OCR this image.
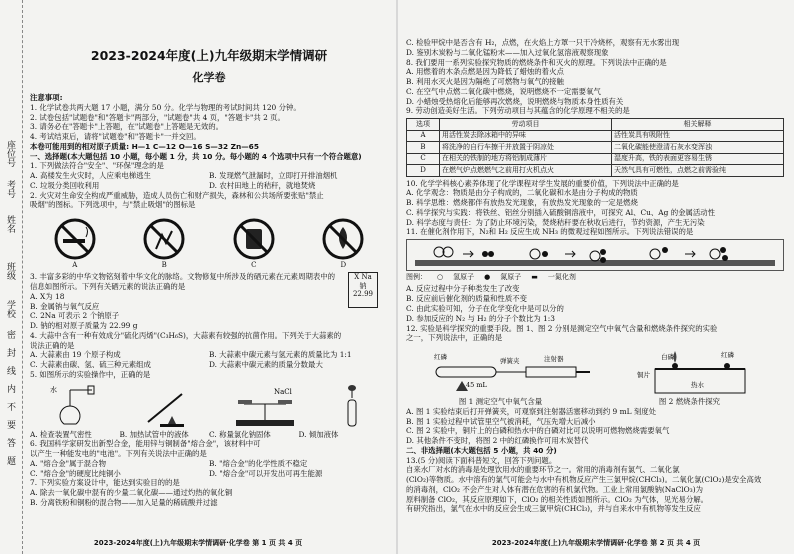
座位号
考号
姓名
班级
学校
密
封
线
内
不
要
答
题
2023-2024年度(上)九年级期末学情调研
化学卷
注意事项:
1. 化学试卷共两大题 17 小题，满分 50 分。化学与物理的考试时间共 120 分钟。
2. 试卷包括"试题卷"和"答题卡"两部分，"试题卷"共 4 页，"答题卡"共 2 页。
3. 请务必在"答题卡"上答题，在"试题卷"上答题是无效的。
4. 考试结束后，请将"试题卷"和"答题卡"一并交回。
本卷可能用到的相对原子质量: H—1 C—12 O—16 S—32 Zn—65
一、选择题(本大题包括 10 小题，每小题 1 分，共 10 分。每小题的 4 个选项中只有一个符合题意)
1. 下列做法符合"安全"、"环保"理念的是
A. 高楼发生火灾时，人应乘电梯逃生	B. 发现燃气泄漏时，立即打开排油烟机
C. 垃圾分类回收利用	D. 农村田地上的秸秆，就地焚烧
2. 火灾对生命安全构成严重威胁，造成人员伤亡和财产损失，森林和公共场所要张贴"禁止
吸烟"的图标。下列选项中，与"禁止吸烟"的图标是
A	B	C	D
X Na
钠
22.99
3. 丰富多彩的中华文物铭刻着中华文化的脉络。文物修复中所涉及的硒元素在元素周期表中的
信息如图所示。下列有关硒元素的说法正确的是
A. X为 18
B. 金属钠与氧气反应
C. 2Na 可表示 2 个钠原子
D. 钠的相对原子质量为 22.99 g
4. 大蒜中含有一种有效成分"硫化丙烯"(C₃H₆S)，大蒜素有较强的抗菌作用。下列关于大蒜素的
说法正确的是
A. 大蒜素由 19 个原子构成	B. 大蒜素中碳元素与氢元素的质量比为 1:1
C. 大蒜素由碳、氢、硫三种元素组成	D. 大蒜素中碳元素的质量分数最大
5. 如图所示的实验操作中，正确的是
水	NaCl
A. 检查装置气密性	B. 加热试管中的液体	C. 称量氯化钠固体	D. 倾加液体
6. 我国科学家研发出新型合金，能用锌与铜制备"熔合金"，该材料中可
以产生一种能发电的"电池"。下列有关说法中正确的是
A. "熔合金"属于混合物	B. "熔合金"的化学性质不稳定
C. "熔合金"的硬度比纯铜小	D. "熔合金"可以开发出可再生能源
7. 下列实验方案设计中，能达到实验目的的是
A. 除去一氧化碳中混有的少量二氧化碳——通过灼热的氧化铜
B. 分离铁粉和铜粉的混合物——加入足量的稀硫酸并过滤
2023-2024年度(上)九年级期末学情调研·化学卷 第 1 页 共 4 页
C. 检验甲烷中是否含有 H₂，点燃，在火焰上方罩一只干冷烧杯，观察有无水雾出现
D. 鉴别木炭粉与二氧化锰粉末——加入过氧化氢溶液观察现象
8. 我们要用一系列实验探究物质的燃烧条件和灭火的原理。下列说法中正确的是
A. 用燃着的木条点燃是因为降低了蜡烛的着火点
B. 利用水灭火是因为隔绝了可燃物与氧气的接触
C. 在空气中点燃二氧化碳中燃烧，说明燃烧不一定需要氧气
D. 小蜡烛受热熔化后能够再次燃烧，说明燃烧与物质本身性质有关
9. 劳动创造美好生活。下列劳动项目与其蕴含的化学原理不相关的是
选项	劳动项目	相关解释
A	用活性炭去除冰箱中的异味	活性炭具有吸附性
B	将洗净的自行车擦干并放置于阴凉处	二氧化碳能使澄清石灰水变浑浊
C	在相关的铁制的地方将铝制成薄片	湿度升高，铁的表面更容易生锈
D	在燃气炉点燃燃气之前用打火机点火	天然气具有可燃性，点燃之前需验纯
10. 化学学科核心素养体现了化学课程对学生发展的重要价值，下列说法中正确的是
A. 化学观念：物质是由分子构成的，二氧化碳和水是由分子构成的物质
B. 科学思维：燃烧都伴有放热发光现象，有放热发光现象的一定是燃烧
C. 科学探究与实践：将铁丝、铝丝分别插入硫酸铜溶液中，可探究 Al、Cu、Ag 的金属活动性
D. 科学态度与责任：为了防止环境污染，焚烧秸秆要在秋收后进行，节约资源，产生无污染
11. 在催化剂作用下，N₂和 H₂ 反应生成 NH₃ 的微观过程如图所示。下列说法错误的是
图例： ○ 氢原子 ● 氮原子 ▬ 一氮化剂
A. 反应过程中分子种类发生了改变
B. 反应前后催化剂的质量和性质不变
C. 由此实验可知，分子在化学变化中是可以分的
D. 参加反应的 N₂ 与 H₂ 的分子个数比为 1:3
12. 实验是科学探究的重要手段。图 1、图 2 分别是测定空气中氧气含量和燃烧条件探究的实验
之一，下列说法中，正确的是
红磷	弹簧夹	注射器
45 mL
红磷
铜片
热水
白磷
图 1 测定空气中氧气含量	图 2 燃烧条件探究
A. 图 1 实验结束后打开弹簧夹，可观察到注射器活塞移动到约 9 mL 刻度处
B. 图 1 实验过程中试管里空气被消耗，气压先增大后减小
C. 图 2 实验中，铜片上的白磷和热水中的白磷对比可以说明可燃物燃烧需要氧气
D. 其他条件不变时，将图 2 中的红磷换作可用木炭替代
二、非选择题(本大题包括 5 小题，共 40 分)
13.(5 分)阅读下面科普短文，回答下列问题。
自来水厂对水的消毒是处理饮用水的重要环节之一。常用的消毒剂有氯气、二氧化氯
(ClO₂)等物质。水中溶有的氯气可能会与水中有机物反应产生三氯甲烷(CHCl₃)。二氧化氯(ClO₂)是安全高效
的消毒剂，ClO₂ 不会产生对人体有潜在危害的有机氯代物。工业上常用氯酸钠(NaClO₃)为
原料制备 ClO₂，其反应原理如下，ClO₂ 的相关性质如图所示。ClO₂ 为气体，见光易分解。
有研究指出，氯气在水中的反应会生成三氯甲烷(CHCl₃)，并与自来水中有机物等发生反应
2023-2024年度(上)九年级期末学情调研·化学卷 第 2 页 共 4 页
